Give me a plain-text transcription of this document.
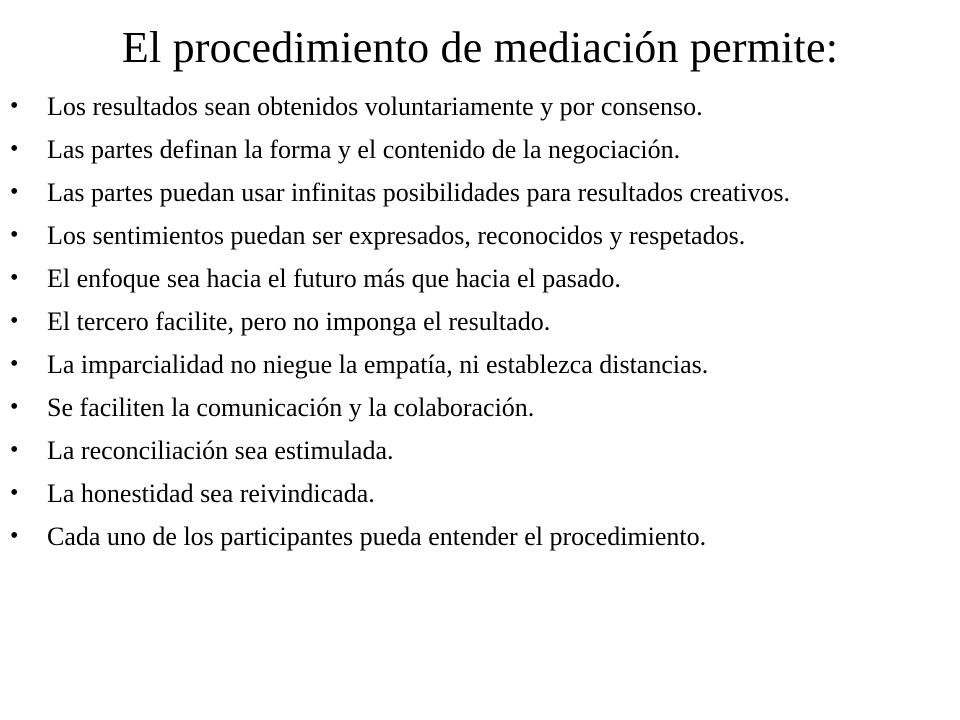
El procedimiento de mediación permite:
•	Los resultados sean obtenidos voluntariamente y por consenso.
•	Las partes definan la forma y el contenido de la negociación.
•	Las partes puedan usar infinitas posibilidades para resultados creativos.
•	Los sentimientos puedan ser expresados, reconocidos y respetados.
•	El enfoque sea hacia el futuro más que hacia el pasado.
•	El tercero facilite, pero no imponga el resultado.
•	La imparcialidad no niegue la empatía, ni establezca distancias.
•	Se faciliten la comunicación y la colaboración.
•	La reconciliación sea estimulada.
•	La honestidad sea reivindicada.
•	Cada uno de los participantes pueda entender el procedimiento.
